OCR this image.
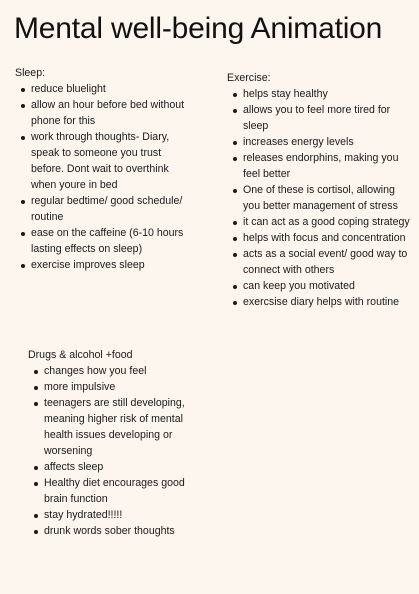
Mental well-being Animation
Sleep:
reduce bluelight
allow an hour before bed without phone for this
work through thoughts- Diary, speak to someone you trust before. Dont wait to overthink when youre in bed
regular bedtime/ good schedule/ routine
ease on the caffeine (6-10 hours lasting effects on sleep)
exercise improves sleep
Exercise:
helps stay healthy
allows you to feel more tired for sleep
increases energy levels
releases endorphins, making you feel better
One of these is cortisol, allowing you better management of stress
it can act as a good coping strategy
helps with focus and concentration
acts as a social event/ good way to connect with others
can keep you motivated
exercsise diary helps with routine
Drugs & alcohol +food
changes how you feel
more impulsive
teenagers are still developing, meaning higher risk of mental health issues developing or worsening
affects sleep
Healthy diet encourages good brain function
stay hydrated!!!!!
drunk words sober thoughts
